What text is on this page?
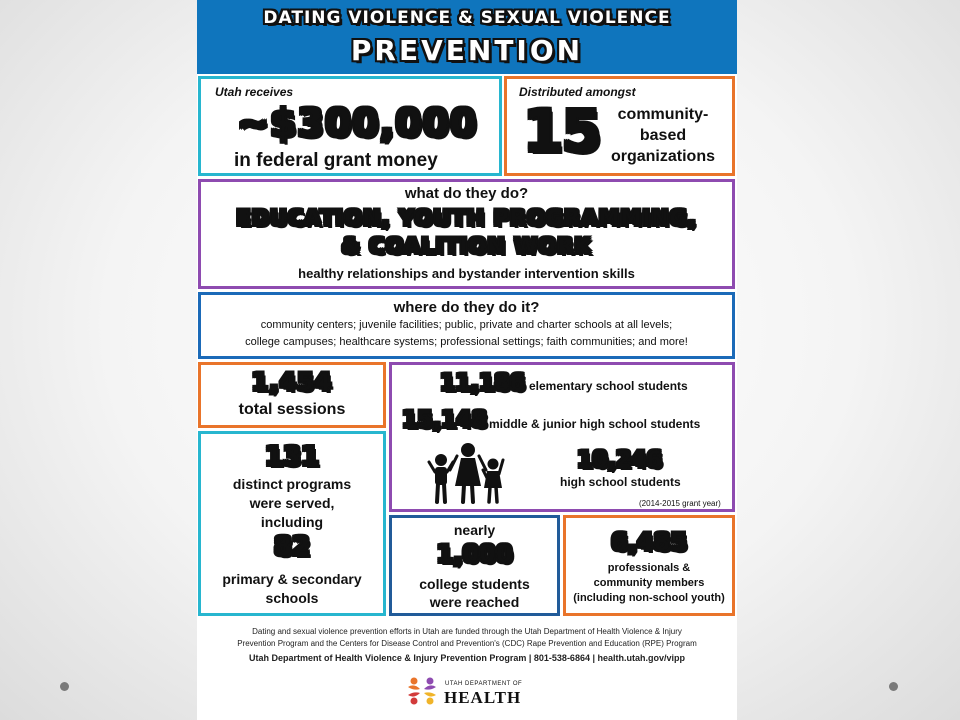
DATING VIOLENCE & SEXUAL VIOLENCE
PREVENTION
Utah receives
~$300,000
in federal grant money
Distributed amongst
15	community-
based
organizations
what do they do?
EDUCATION, YOUTH PROGRAMMING,
& COALITION WORK
healthy relationships and bystander intervention skills
where do they do it?
community centers; juvenile facilities; public, private and charter schools at all levels;
college campuses; healthcare systems; professional settings; faith communities; and more!
1,454
total sessions
11,186 elementary school students
15,148 middle & junior high school students
10,246
high school students
(2014-2015 grant year)
131
distinct programs
were served,
including
82
primary & secondary
schools
nearly
1,000
college students
were reached
6,485
professionals &
community members
(including non-school youth)
Dating and sexual violence prevention efforts in Utah are funded through the Utah Department of Health Violence & Injury
Prevention Program and the Centers for Disease Control and Prevention's (CDC) Rape Prevention and Education (RPE) Program
Utah Department of Health Violence & Injury Prevention Program | 801-538-6864 | health.utah.gov/vipp
UTAH DEPARTMENT OF
HEALTH
